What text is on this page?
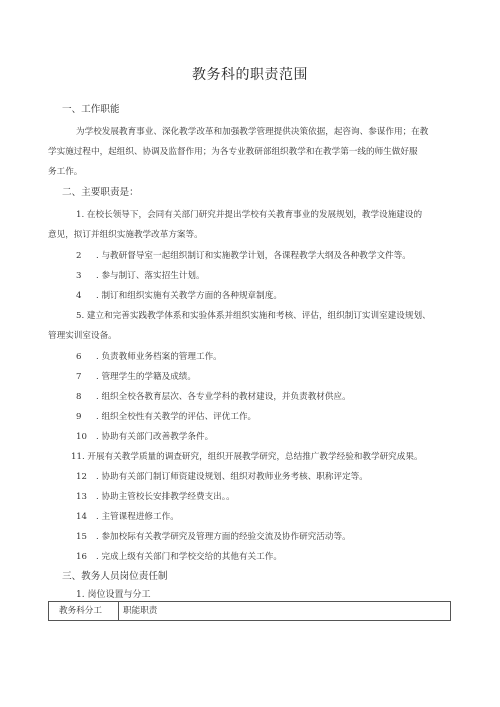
教务科的职责范围
一、工作职能
为学校发展教育事业、深化教学改革和加强教学管理提供决策依据，起咨询、参谋作用；在教
学实施过程中，起组织、协调及监督作用；为各专业教研部组织教学和在教学第一线的师生做好服
务工作。
二、主要职责是：
1. 在校长领导下，会同有关部门研究并提出学校有关教育事业的发展规划，教学设施建设的
意见，拟订并组织实施教学改革方案等。
2 . 与教研督导室一起组织制订和实施教学计划，各课程教学大纲及各种教学文件等。
3 . 参与制订、落实招生计划。
4 . 制订和组织实施有关教学方面的各种规章制度。
5. 建立和完善实践教学体系和实验体系并组织实施和考核、评估，组织制订实训室建设规划、
管理实训室设备。
6 . 负责教师业务档案的管理工作。
7 . 管理学生的学籍及成绩。
8 . 组织全校各教育层次、各专业学科的教材建设，并负责教材供应。
9 . 组织全校性有关教学的评估、评优工作。
10 . 协助有关部门改善教学条件。
11. 开展有关教学质量的调查研究，组织开展教学研究，总结推广教学经验和教学研究成果。
12 . 协助有关部门制订师资建设规划、组织对教师业务考核、职称评定等。
13 . 协助主管校长安排教学经费支出。。
14 . 主管课程进修工作。
15 . 参加校际有关教学研究及管理方面的经验交流及协作研究活动等。
16 . 完成上级有关部门和学校交给的其他有关工作。
三、教务人员岗位责任制
1. 岗位设置与分工
教务科分工	职能职责
